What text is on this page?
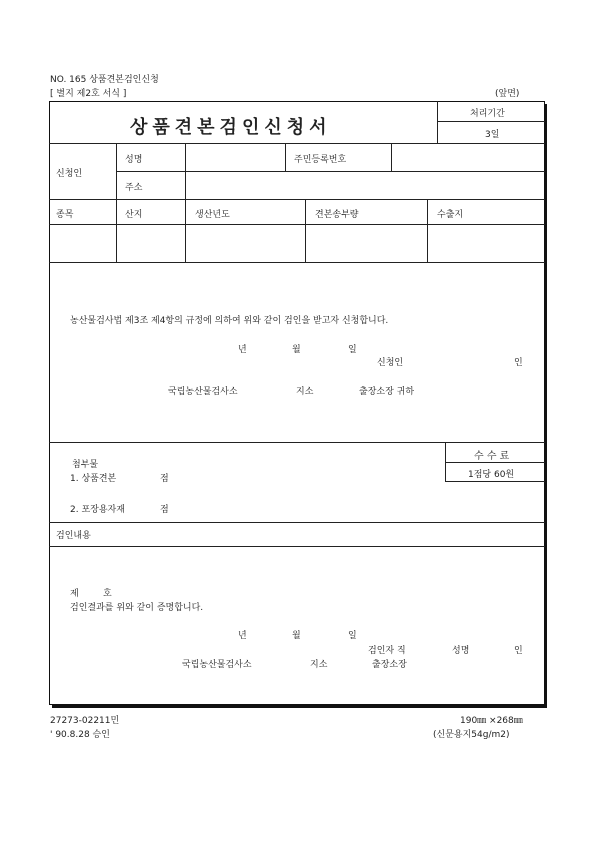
NO. 165 상품견본검인신청
[ 별지 제2호 서식 ]	(앞면)
상품견본검인신청서
처리기간
3일
신청인
성명	주민등록번호
주소
종목	산지	생산년도	견본송부량	수출지
농산물검사법 제3조 제4항의 규정에 의하여 위와 같이 검인을 받고자 신청합니다.
년	월	일
신청인	인
국립농산물검사소	지소	출장소장 귀하
첨부물
1. 상품견본	점
2. 포장용자재	점
수 수 료
1점당 60원
검인내용
제	호
검인결과를 위와 같이 증명합니다.
년	월	일
검인자 직	성명	인
국립농산물검사소	지소	출장소장
27273-02211민
' 90.8.28 승인
190㎜ ×268㎜
(신문용지54g/m2)
